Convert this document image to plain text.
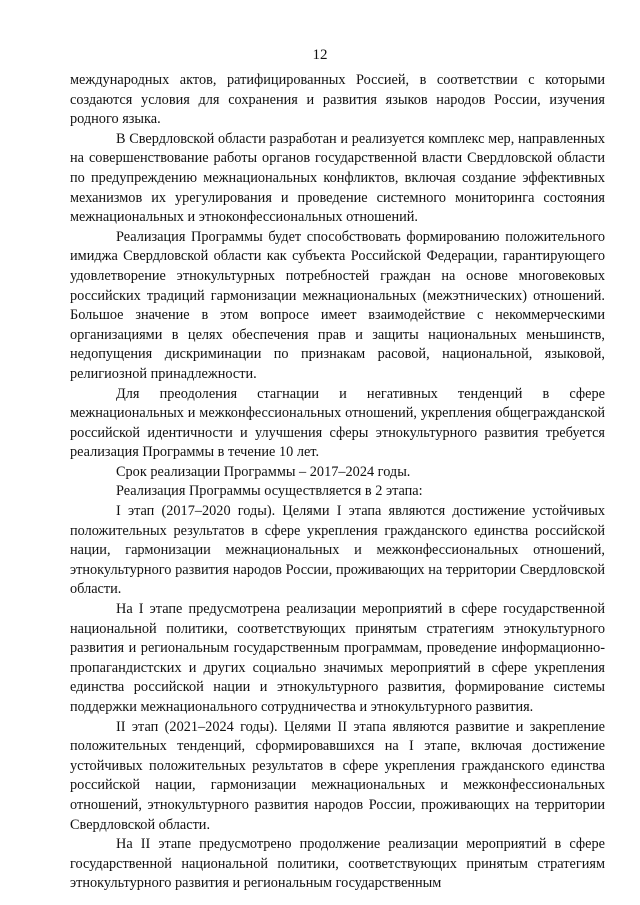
12

международных актов, ратифицированных Россией, в соответствии с которыми создаются условия для сохранения и развития языков народов России, изучения родного языка.

В Свердловской области разработан и реализуется комплекс мер, направленных на совершенствование работы органов государственной власти Свердловской области по предупреждению межнациональных конфликтов, включая создание эффективных механизмов их урегулирования и проведение системного мониторинга состояния межнациональных и этноконфессиональных отношений.

Реализация Программы будет способствовать формированию положительного имиджа Свердловской области как субъекта Российской Федерации, гарантирующего удовлетворение этнокультурных потребностей граждан на основе многовековых российских традиций гармонизации межнациональных (межэтнических) отношений. Большое значение в этом вопросе имеет взаимодействие с некоммерческими организациями в целях обеспечения прав и защиты национальных меньшинств, недопущения дискриминации по признакам расовой, национальной, языковой, религиозной принадлежности.

Для преодоления стагнации и негативных тенденций в сфере межнациональных и межконфессиональных отношений, укрепления общегражданской российской идентичности и улучшения сферы этнокультурного развития требуется реализация Программы в течение 10 лет.

Срок реализации Программы – 2017–2024 годы.

Реализация Программы осуществляется в 2 этапа:

I этап (2017–2020 годы). Целями I этапа являются достижение устойчивых положительных результатов в сфере укрепления гражданского единства российской нации, гармонизации межнациональных и межконфессиональных отношений, этнокультурного развития народов России, проживающих на территории Свердловской области.

На I этапе предусмотрена реализации мероприятий в сфере государственной национальной политики, соответствующих принятым стратегиям этнокультурного развития и региональным государственным программам, проведение информационно-пропагандистских и других социально значимых мероприятий в сфере укрепления единства российской нации и этнокультурного развития, формирование системы поддержки межнационального сотрудничества и этнокультурного развития.

II этап (2021–2024 годы). Целями II этапа являются развитие и закрепление положительных тенденций, сформировавшихся на I этапе, включая достижение устойчивых положительных результатов в сфере укрепления гражданского единства российской нации, гармонизации межнациональных и межконфессиональных отношений, этнокультурного развития народов России, проживающих на территории Свердловской области.

На II этапе предусмотрено продолжение реализации мероприятий в сфере государственной национальной политики, соответствующих принятым стратегиям этнокультурного развития и региональным государственным
